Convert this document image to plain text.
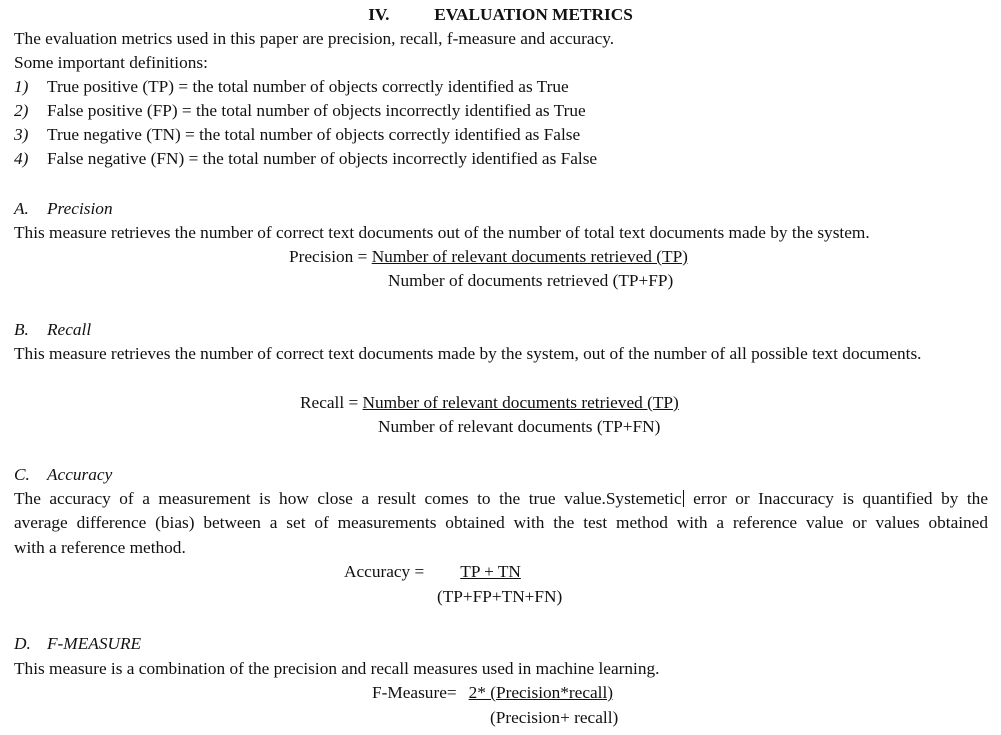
IV.	EVALUATION METRICS
The evaluation metrics used in this paper are precision, recall, f-measure and accuracy.
Some important definitions:
1) True positive (TP) = the total number of objects correctly identified as True
2) False positive (FP) = the total number of objects incorrectly identified as True
3) True negative (TN) = the total number of objects correctly identified as False
4) False negative (FN) = the total number of objects incorrectly identified as False
A. Precision
This measure retrieves the number of correct text documents out of the number of total text documents made by the system.
Precision = Number of relevant documents retrieved (TP)
Number of documents retrieved (TP+FP)
B. Recall
This measure retrieves the number of correct text documents made by the system, out of the number of all possible text documents.
Recall = Number of relevant documents retrieved (TP)
Number of relevant documents (TP+FN)
C. Accuracy
The accuracy of a measurement is how close a result comes to the true value.Systemetic error or Inaccuracy is quantified by the
average difference (bias) between a set of measurements obtained with the test method with a reference value or values obtained
with a reference method.
Accuracy = TP + TN
(TP+FP+TN+FN)
D. F-MEASURE
This measure is a combination of the precision and recall measures used in machine learning.
F-Measure= 2* (Precision*recall)
(Precision+ recall)
